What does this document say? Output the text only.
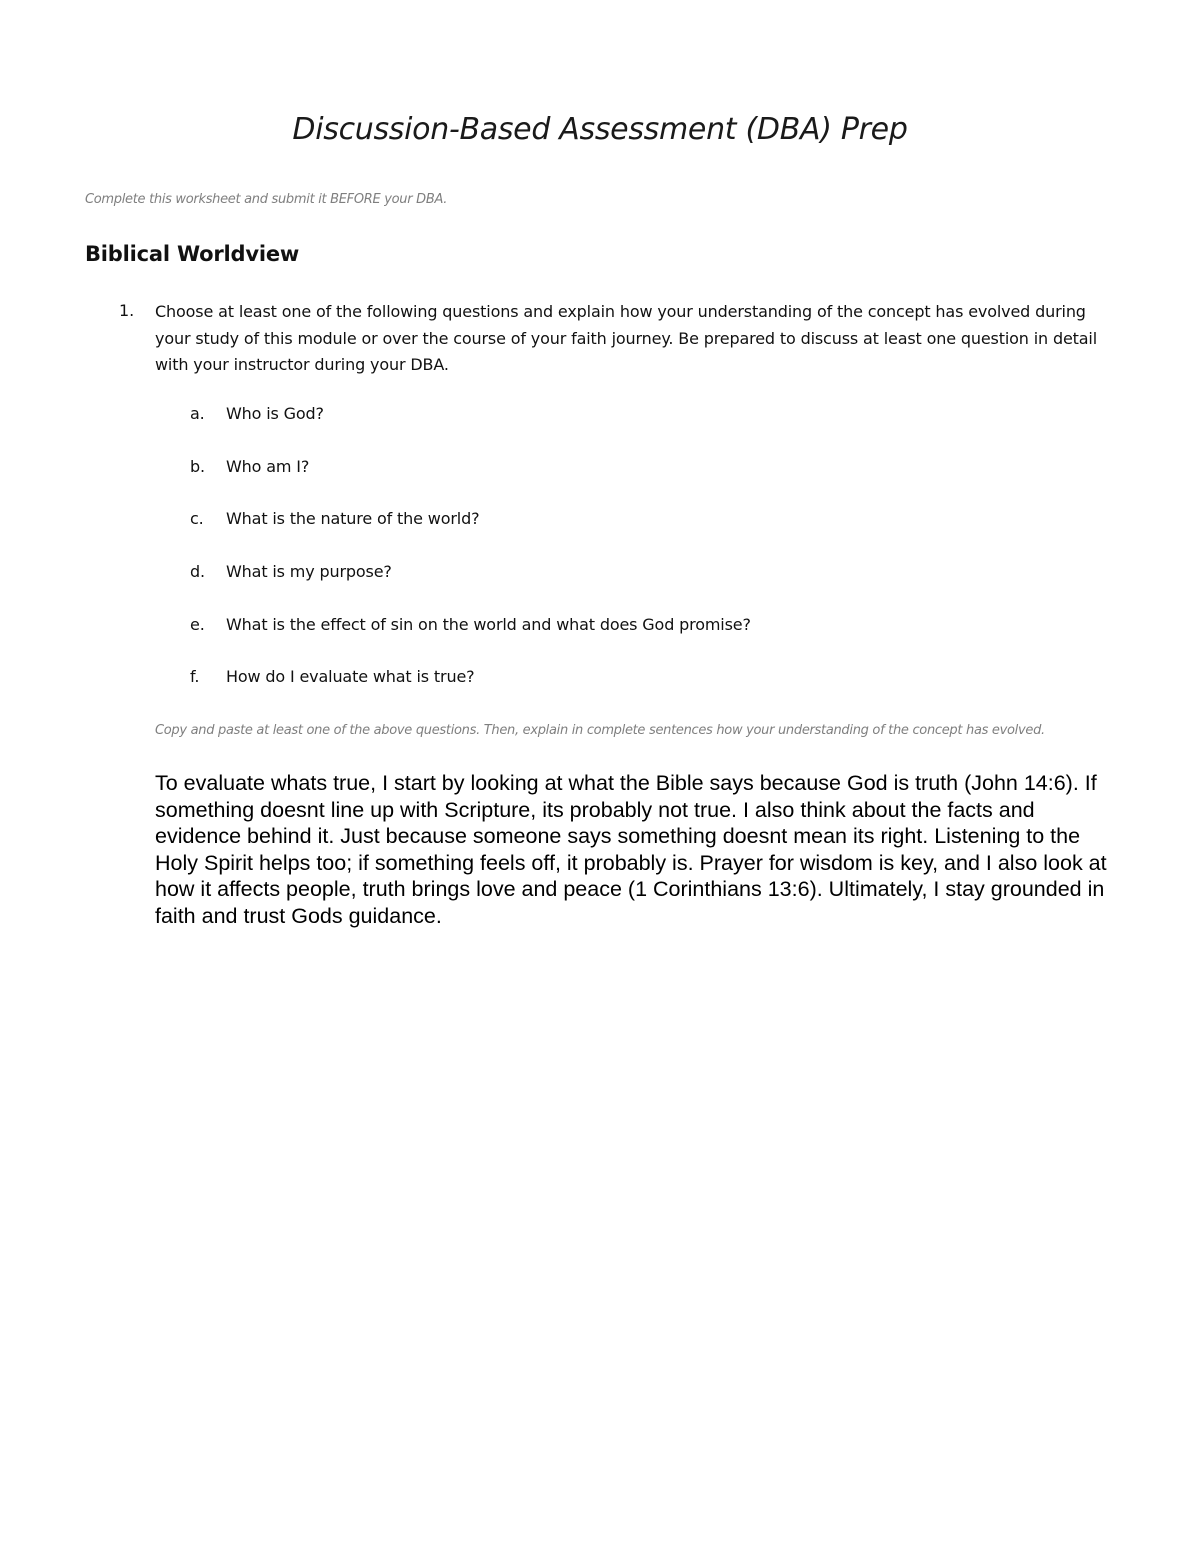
Discussion-Based Assessment (DBA) Prep
Complete this worksheet and submit it BEFORE your DBA.
Biblical Worldview
1. Choose at least one of the following questions and explain how your understanding of the concept has evolved during your study of this module or over the course of your faith journey. Be prepared to discuss at least one question in detail with your instructor during your DBA.
a. Who is God?
b. Who am I?
c. What is the nature of the world?
d. What is my purpose?
e. What is the effect of sin on the world and what does God promise?
f. How do I evaluate what is true?
Copy and paste at least one of the above questions. Then, explain in complete sentences how your understanding of the concept has evolved.
To evaluate whats true, I start by looking at what the Bible says because God is truth (John 14:6). If something doesnt line up with Scripture, its probably not true. I also think about the facts and evidence behind it. Just because someone says something doesnt mean its right. Listening to the Holy Spirit helps too; if something feels off, it probably is. Prayer for wisdom is key, and I also look at how it affects people, truth brings love and peace (1 Corinthians 13:6). Ultimately, I stay grounded in faith and trust Gods guidance.
